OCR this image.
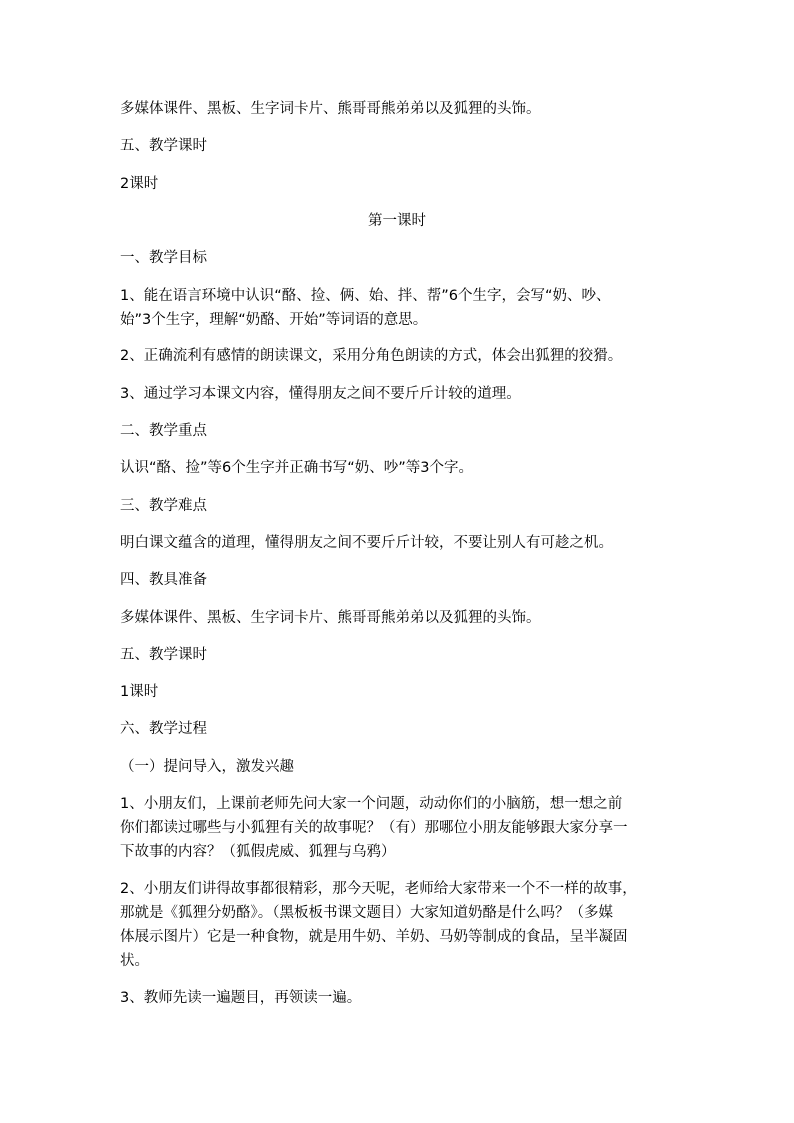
多媒体课件、黑板、生字词卡片、熊哥哥熊弟弟以及狐狸的头饰。

五、教学课时

2课时

第一课时

一、教学目标

1、能在语言环境中认识“酪、捡、俩、始、拌、帮”6个生字，会写“奶、吵、

始”3个生字，理解“奶酪、开始”等词语的意思。

2、正确流利有感情的朗读课文，采用分角色朗读的方式，体会出狐狸的狡猾。

3、通过学习本课文内容，懂得朋友之间不要斤斤计较的道理。

二、教学重点

认识“酪、捡”等6个生字并正确书写“奶、吵”等3个字。

三、教学难点

明白课文蕴含的道理，懂得朋友之间不要斤斤计较，不要让别人有可趁之机。

四、教具准备

多媒体课件、黑板、生字词卡片、熊哥哥熊弟弟以及狐狸的头饰。

五、教学课时

1课时

六、教学过程

（一）提问导入，激发兴趣

1、小朋友们，上课前老师先问大家一个问题，动动你们的小脑筋，想一想之前

你们都读过哪些与小狐狸有关的故事呢？（有）那哪位小朋友能够跟大家分享一

下故事的内容？（狐假虎威、狐狸与乌鸦）

2、小朋友们讲得故事都很精彩，那今天呢，老师给大家带来一个不一样的故事，

那就是《狐狸分奶酪》。（黑板板书课文题目）大家知道奶酪是什么吗？（多媒

体展示图片）它是一种食物，就是用牛奶、羊奶、马奶等制成的食品，呈半凝固

状。

3、教师先读一遍题目，再领读一遍。
